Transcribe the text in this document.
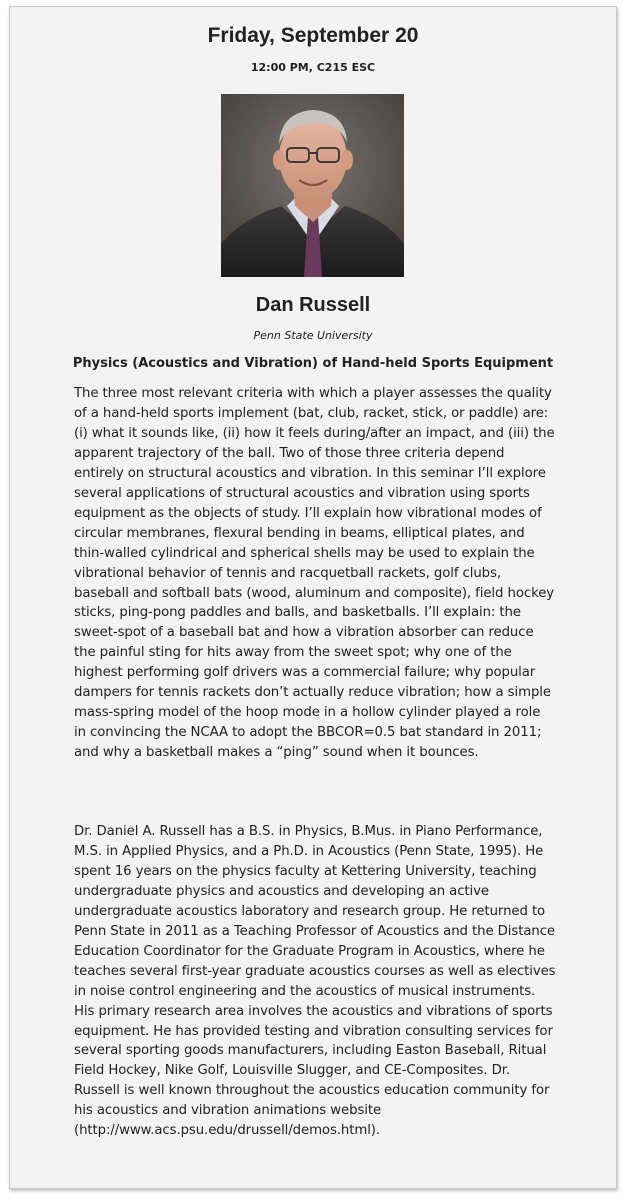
Friday, September 20
12:00 PM, C215 ESC
Dan Russell
Penn State University
Physics (Acoustics and Vibration) of Hand-held Sports Equipment
The three most relevant criteria with which a player assesses the quality
of a hand-held sports implement (bat, club, racket, stick, or paddle) are:
(i) what it sounds like, (ii) how it feels during/after an impact, and (iii) the
apparent trajectory of the ball. Two of those three criteria depend
entirely on structural acoustics and vibration. In this seminar I’ll explore
several applications of structural acoustics and vibration using sports
equipment as the objects of study. I’ll explain how vibrational modes of
circular membranes, flexural bending in beams, elliptical plates, and
thin-walled cylindrical and spherical shells may be used to explain the
vibrational behavior of tennis and racquetball rackets, golf clubs,
baseball and softball bats (wood, aluminum and composite), field hockey
sticks, ping-pong paddles and balls, and basketballs. I’ll explain: the
sweet-spot of a baseball bat and how a vibration absorber can reduce
the painful sting for hits away from the sweet spot; why one of the
highest performing golf drivers was a commercial failure; why popular
dampers for tennis rackets don’t actually reduce vibration; how a simple
mass-spring model of the hoop mode in a hollow cylinder played a role
in convincing the NCAA to adopt the BBCOR=0.5 bat standard in 2011;
and why a basketball makes a “ping” sound when it bounces.
Dr. Daniel A. Russell has a B.S. in Physics, B.Mus. in Piano Performance,
M.S. in Applied Physics, and a Ph.D. in Acoustics (Penn State, 1995). He
spent 16 years on the physics faculty at Kettering University, teaching
undergraduate physics and acoustics and developing an active
undergraduate acoustics laboratory and research group. He returned to
Penn State in 2011 as a Teaching Professor of Acoustics and the Distance
Education Coordinator for the Graduate Program in Acoustics, where he
teaches several first-year graduate acoustics courses as well as electives
in noise control engineering and the acoustics of musical instruments.
His primary research area involves the acoustics and vibrations of sports
equipment. He has provided testing and vibration consulting services for
several sporting goods manufacturers, including Easton Baseball, Ritual
Field Hockey, Nike Golf, Louisville Slugger, and CE-Composites. Dr.
Russell is well known throughout the acoustics education community for
his acoustics and vibration animations website
(http://www.acs.psu.edu/drussell/demos.html).
